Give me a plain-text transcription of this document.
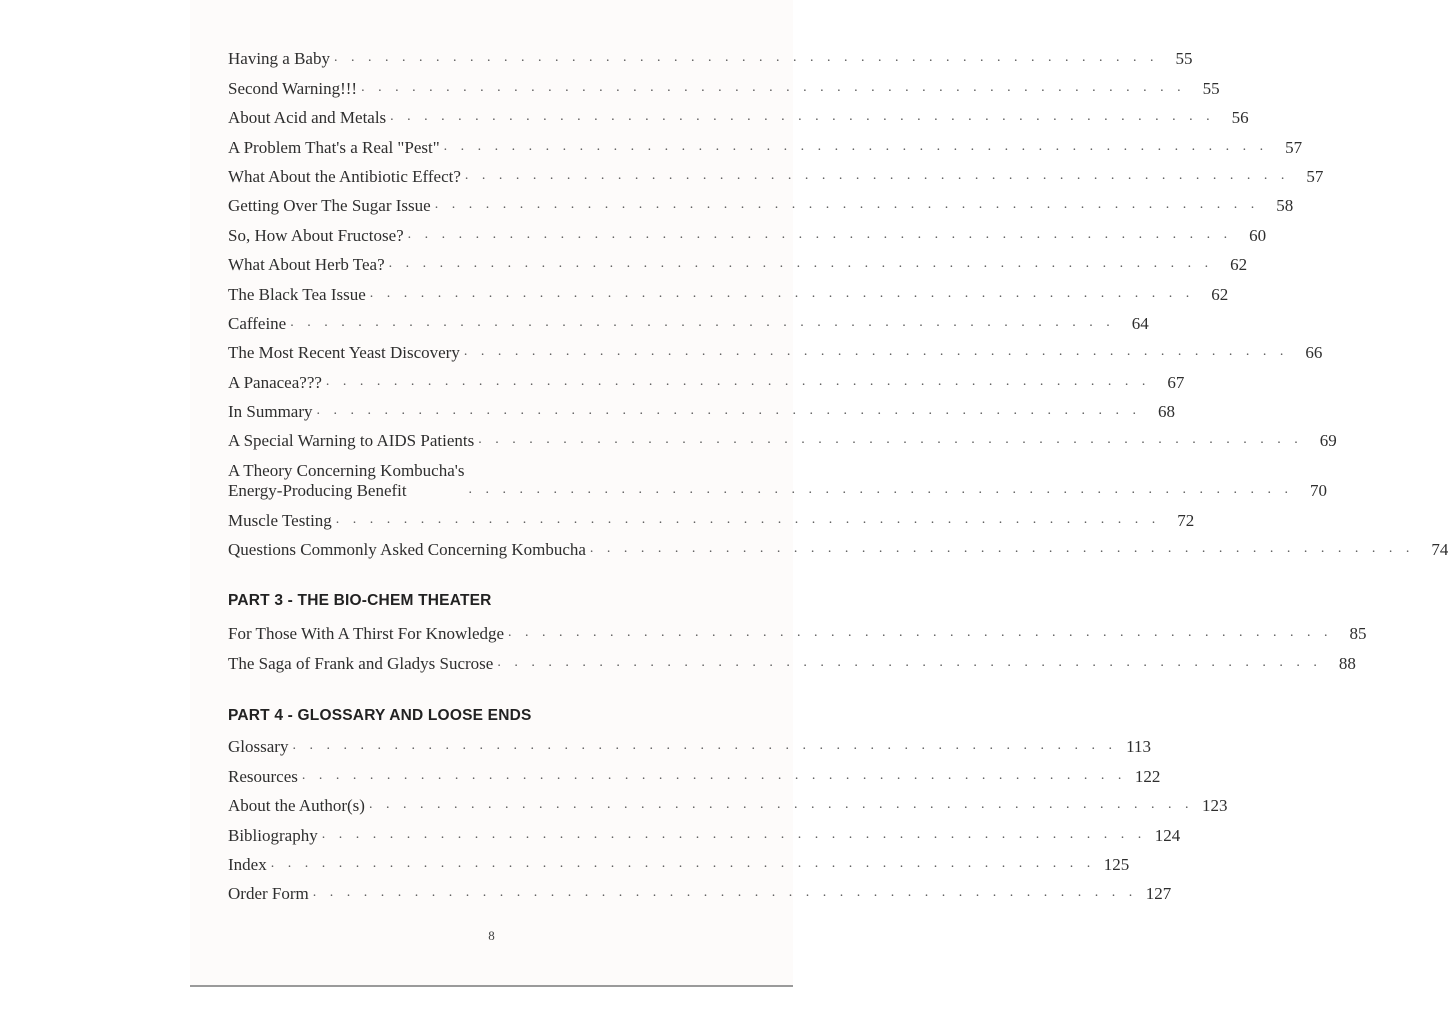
Having a Baby . . . . . . . . . . . . . . . . . . . . . . . . . . . . . . . . . . . . . . . . . . . . . . . . .	55
Second Warning!!! . . . . . . . . . . . . . . . . . . . . . . . . . . . . . . . . . . . . . . . . . . . . . . . . .	55
About Acid and Metals . . . . . . . . . . . . . . . . . . . . . . . . . . . . . . . . . . . . . . . . . . . . . . . . .	56
A Problem That's a Real "Pest" . . . . . . . . . . . . . . . . . . . . . . . . . . . . . . . . . . . . . . . . . . . . . . . . .	57
What About the Antibiotic Effect? . . . . . . . . . . . . . . . . . . . . . . . . . . . . . . . . . . . . . . . . . . . . . . . . .	57
Getting Over The Sugar Issue . . . . . . . . . . . . . . . . . . . . . . . . . . . . . . . . . . . . . . . . . . . . . . . . .	58
So, How About Fructose? . . . . . . . . . . . . . . . . . . . . . . . . . . . . . . . . . . . . . . . . . . . . . . . . .	60
What About Herb Tea? . . . . . . . . . . . . . . . . . . . . . . . . . . . . . . . . . . . . . . . . . . . . . . . . .	62
The Black Tea Issue . . . . . . . . . . . . . . . . . . . . . . . . . . . . . . . . . . . . . . . . . . . . . . . . .	62
Caffeine . . . . . . . . . . . . . . . . . . . . . . . . . . . . . . . . . . . . . . . . . . . . . . . . .	64
The Most Recent Yeast Discovery . . . . . . . . . . . . . . . . . . . . . . . . . . . . . . . . . . . . . . . . . . . . . . . . .	66
A Panacea??? . . . . . . . . . . . . . . . . . . . . . . . . . . . . . . . . . . . . . . . . . . . . . . . . .	67
In Summary . . . . . . . . . . . . . . . . . . . . . . . . . . . . . . . . . . . . . . . . . . . . . . . . .	68
A Special Warning to AIDS Patients . . . . . . . . . . . . . . . . . . . . . . . . . . . . . . . . . . . . . . . . . . . . . . . . .	69
A Theory Concerning Kombucha's
Energy-Producing Benefit	. . . . . . . . . . . . . . . . . . . . . . . . . . . . . . . . . . . . . . . . . . . . . . . . .	70
Muscle Testing . . . . . . . . . . . . . . . . . . . . . . . . . . . . . . . . . . . . . . . . . . . . . . . . .	72
Questions Commonly Asked Concerning Kombucha . . . . . . . . . . . . . . . . . . . . . . . . . . . . . . . . . . . . . . . . . . . . . . . . .	74
PART 3 - THE BIO-CHEM THEATER
For Those With A Thirst For Knowledge . . . . . . . . . . . . . . . . . . . . . . . . . . . . . . . . . . . . . . . . . . . . . . . . .	85
The Saga of Frank and Gladys Sucrose . . . . . . . . . . . . . . . . . . . . . . . . . . . . . . . . . . . . . . . . . . . . . . . . .	88
PART 4 - GLOSSARY AND LOOSE ENDS
Glossary . . . . . . . . . . . . . . . . . . . . . . . . . . . . . . . . . . . . . . . . . . . . . . . . . 113
Resources . . . . . . . . . . . . . . . . . . . . . . . . . . . . . . . . . . . . . . . . . . . . . . . . . 122
About the Author(s) . . . . . . . . . . . . . . . . . . . . . . . . . . . . . . . . . . . . . . . . . . . . . . . . . 123
Bibliography . . . . . . . . . . . . . . . . . . . . . . . . . . . . . . . . . . . . . . . . . . . . . . . . . 124
Index . . . . . . . . . . . . . . . . . . . . . . . . . . . . . . . . . . . . . . . . . . . . . . . . . 125
Order Form . . . . . . . . . . . . . . . . . . . . . . . . . . . . . . . . . . . . . . . . . . . . . . . . . 127
8
